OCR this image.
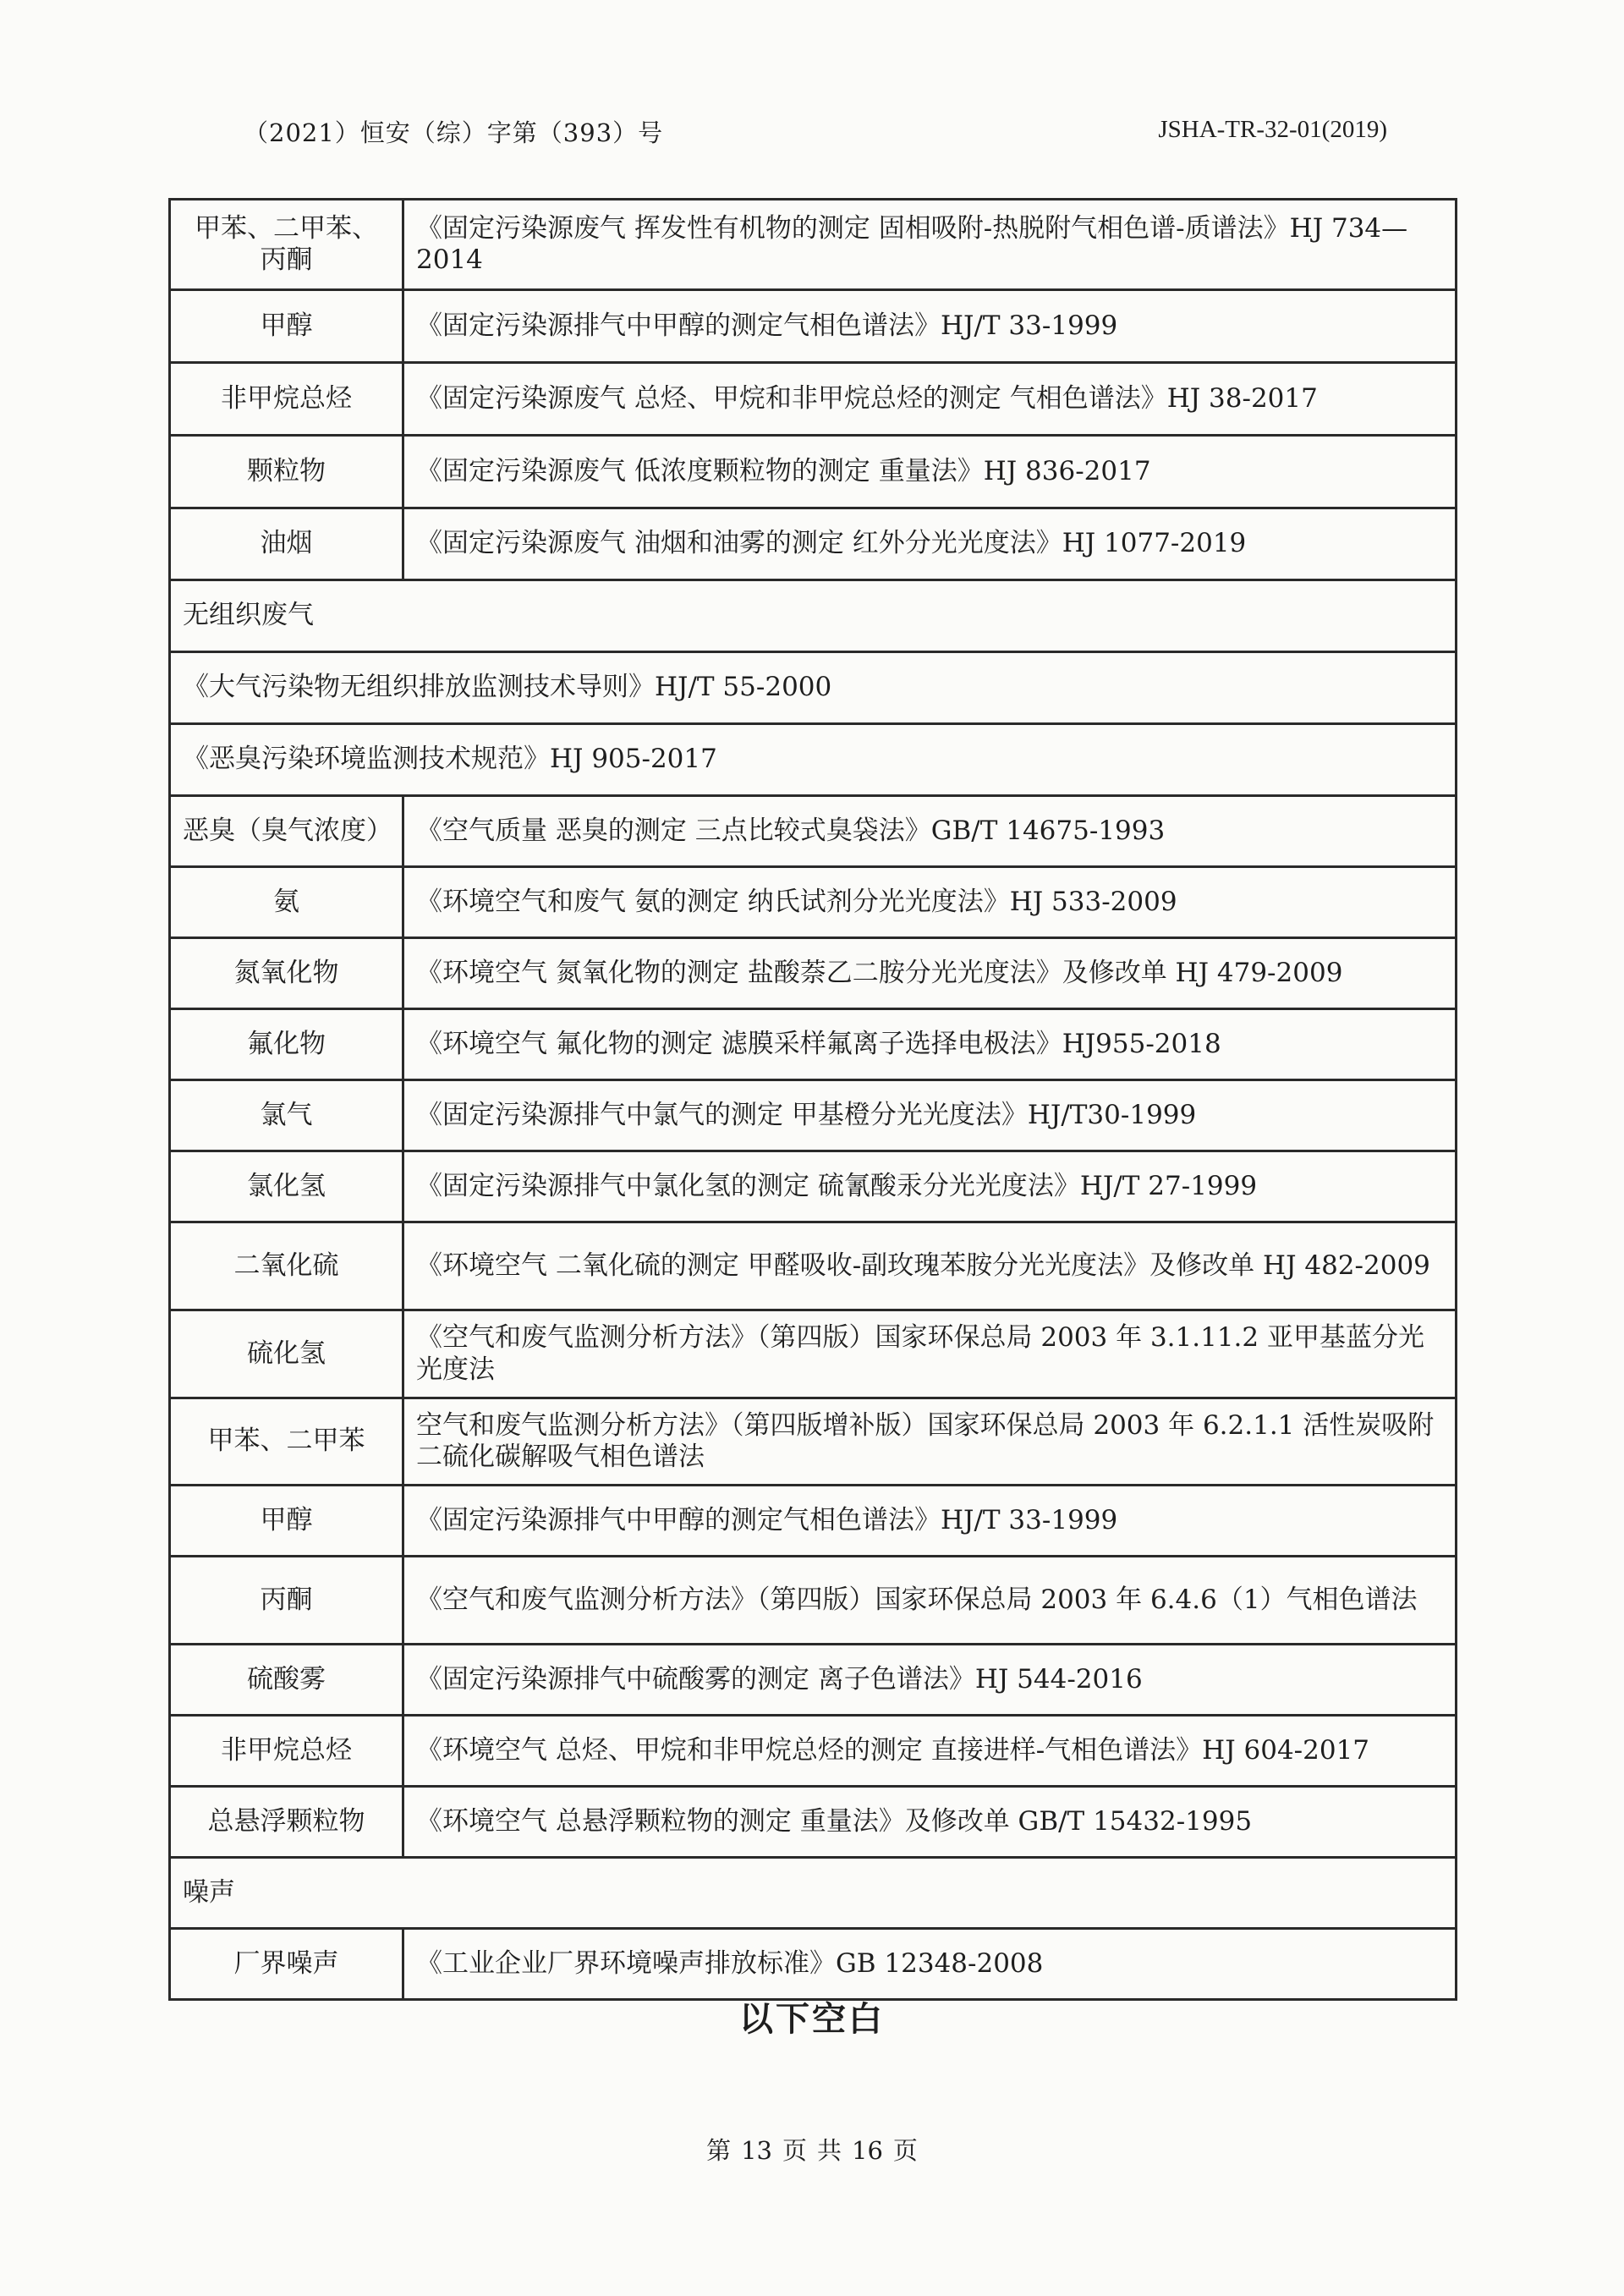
（2021）恒安（综）字第（393）号	JSHA-TR-32-01(2019)
甲苯、二甲苯、丙酮	《固定污染源废气 挥发性有机物的测定 固相吸附-热脱附气相色谱-质谱法》HJ 734—2014
甲醇	《固定污染源排气中甲醇的测定气相色谱法》HJ/T 33-1999
非甲烷总烃	《固定污染源废气 总烃、甲烷和非甲烷总烃的测定 气相色谱法》HJ 38-2017
颗粒物	《固定污染源废气 低浓度颗粒物的测定 重量法》HJ 836-2017
油烟	《固定污染源废气 油烟和油雾的测定 红外分光光度法》HJ 1077-2019
无组织废气	
《大气污染物无组织排放监测技术导则》HJ/T 55-2000	
《恶臭污染环境监测技术规范》HJ 905-2017	
恶臭（臭气浓度）	《空气质量 恶臭的测定 三点比较式臭袋法》GB/T 14675-1993
氨	《环境空气和废气 氨的测定 纳氏试剂分光光度法》HJ 533-2009
氮氧化物	《环境空气 氮氧化物的测定 盐酸萘乙二胺分光光度法》及修改单 HJ 479-2009
氟化物	《环境空气 氟化物的测定 滤膜采样氟离子选择电极法》HJ955-2018
氯气	《固定污染源排气中氯气的测定 甲基橙分光光度法》HJ/T30-1999
氯化氢	《固定污染源排气中氯化氢的测定 硫氰酸汞分光光度法》HJ/T 27-1999
二氧化硫	《环境空气 二氧化硫的测定 甲醛吸收-副玫瑰苯胺分光光度法》及修改单 HJ 482-2009
硫化氢	《空气和废气监测分析方法》（第四版）国家环保总局 2003 年 3.1.11.2 亚甲基蓝分光光度法
甲苯、二甲苯	空气和废气监测分析方法》（第四版增补版）国家环保总局 2003 年 6.2.1.1 活性炭吸附二硫化碳解吸气相色谱法
甲醇	《固定污染源排气中甲醇的测定气相色谱法》HJ/T 33-1999
丙酮	《空气和废气监测分析方法》（第四版）国家环保总局 2003 年 6.4.6（1）气相色谱法
硫酸雾	《固定污染源排气中硫酸雾的测定 离子色谱法》HJ 544-2016
非甲烷总烃	《环境空气 总烃、甲烷和非甲烷总烃的测定 直接进样-气相色谱法》HJ 604-2017
总悬浮颗粒物	《环境空气 总悬浮颗粒物的测定 重量法》及修改单 GB/T 15432-1995
噪声	
厂界噪声	《工业企业厂界环境噪声排放标准》GB 12348-2008
以下空白
第 13 页 共 16 页
